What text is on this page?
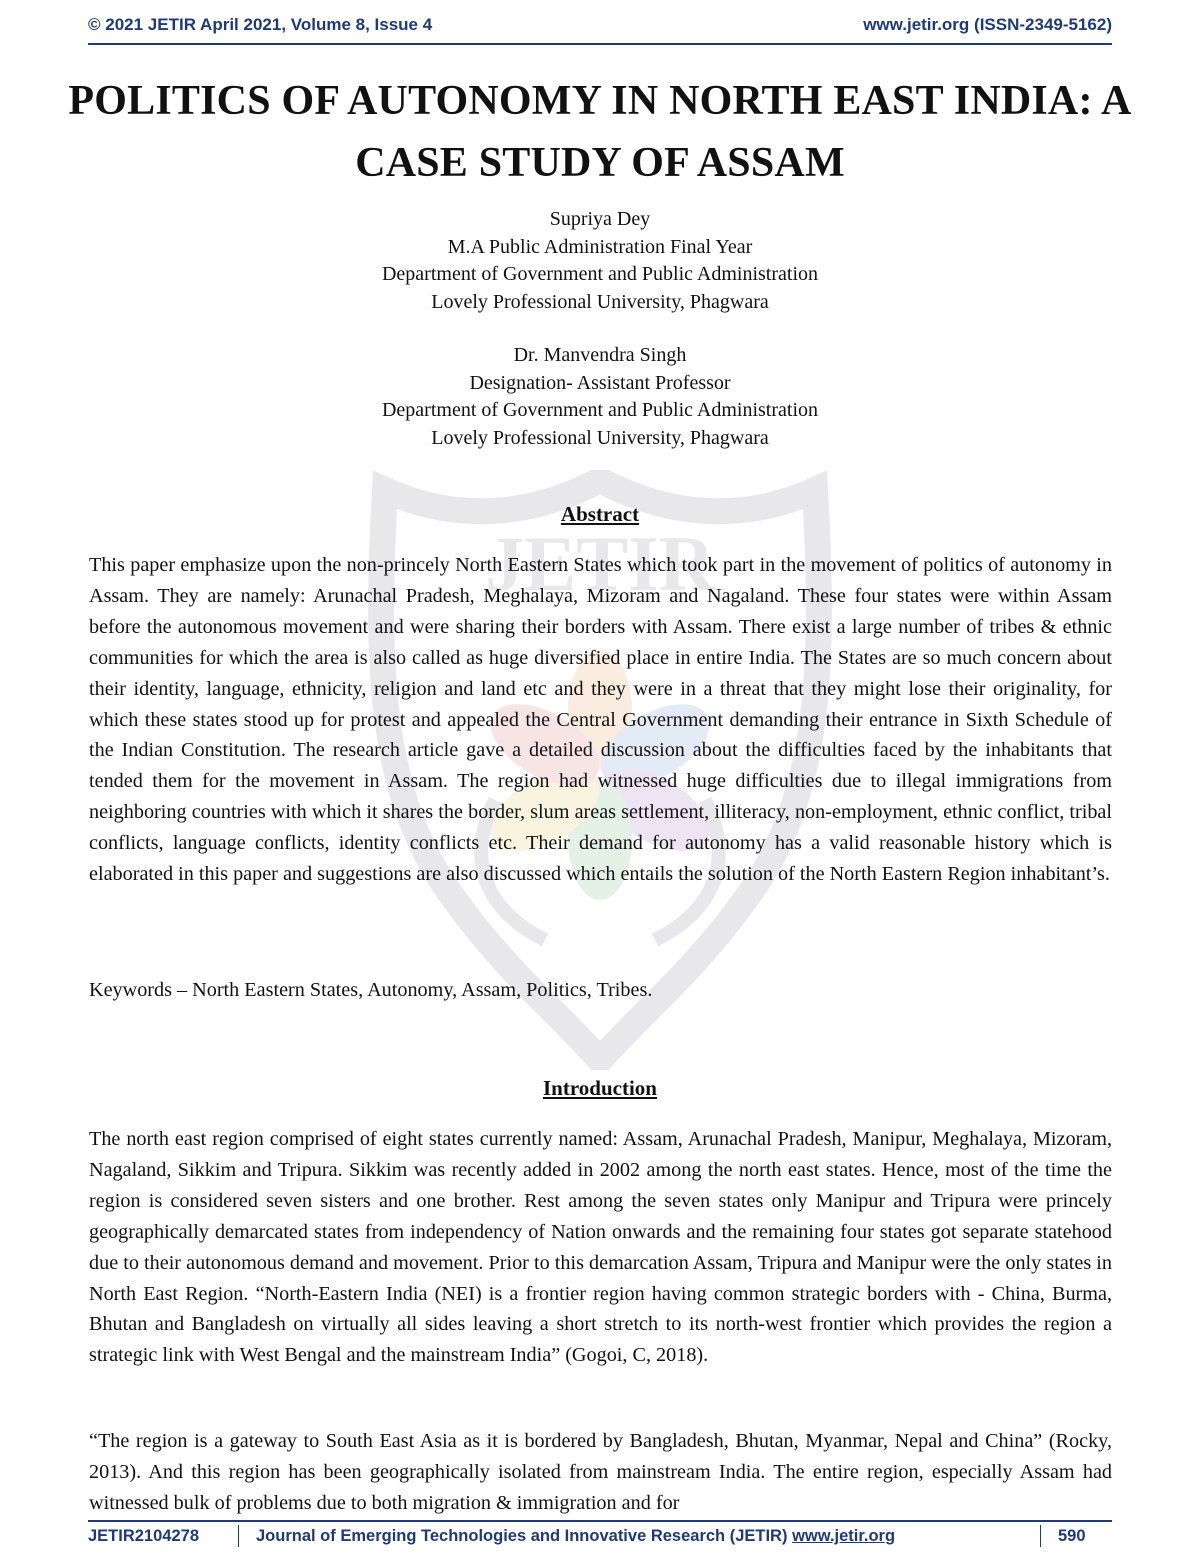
© 2021 JETIR April 2021, Volume 8, Issue 4	www.jetir.org (ISSN-2349-5162)
JETIR
POLITICS OF AUTONOMY IN NORTH EAST INDIA: A CASE STUDY OF ASSAM
Supriya Dey
M.A Public Administration Final Year
Department of Government and Public Administration
Lovely Professional University, Phagwara
Dr. Manvendra Singh
Designation- Assistant Professor
Department of Government and Public Administration
Lovely Professional University, Phagwara
Abstract

This paper emphasize upon the non-princely North Eastern States which took part in the movement of politics of autonomy in Assam. They are namely: Arunachal Pradesh, Meghalaya, Mizoram and Nagaland. These four states were within Assam before the autonomous movement and were sharing their borders with Assam. There exist a large number of tribes & ethnic communities for which the area is also called as huge diversified place in entire India. The States are so much concern about their identity, language, ethnicity, religion and land etc and they were in a threat that they might lose their originality, for which these states stood up for protest and appealed the Central Government demanding their entrance in Sixth Schedule of the Indian Constitution. The research article gave a detailed discussion about the difficulties faced by the inhabitants that tended them for the movement in Assam. The region had witnessed huge difficulties due to illegal immigrations from neighboring countries with which it shares the border, slum areas settlement, illiteracy, non-employment, ethnic conflict, tribal conflicts, language conflicts, identity conflicts etc. Their demand for autonomy has a valid reasonable history which is elaborated in this paper and suggestions are also discussed which entails the solution of the North Eastern Region inhabitant’s.

Keywords – North Eastern States, Autonomy, Assam, Politics, Tribes.

Introduction

The north east region comprised of eight states currently named: Assam, Arunachal Pradesh, Manipur, Meghalaya, Mizoram, Nagaland, Sikkim and Tripura. Sikkim was recently added in 2002 among the north east states. Hence, most of the time the region is considered seven sisters and one brother. Rest among the seven states only Manipur and Tripura were princely geographically demarcated states from independency of Nation onwards and the remaining four states got separate statehood due to their autonomous demand and movement. Prior to this demarcation Assam, Tripura and Manipur were the only states in North East Region. “North-Eastern India (NEI) is a frontier region having common strategic borders with - China, Burma, Bhutan and Bangladesh on virtually all sides leaving a short stretch to its north-west frontier which provides the region a strategic link with West Bengal and the mainstream India” (Gogoi, C, 2018).

“The region is a gateway to South East Asia as it is bordered by Bangladesh, Bhutan, Myanmar, Nepal and China” (Rocky, 2013). And this region has been geographically isolated from mainstream India. The entire region, especially Assam had witnessed bulk of problems due to both migration & immigration and for

JETIR2104278	Journal of Emerging Technologies and Innovative Research (JETIR) www.jetir.org	590
